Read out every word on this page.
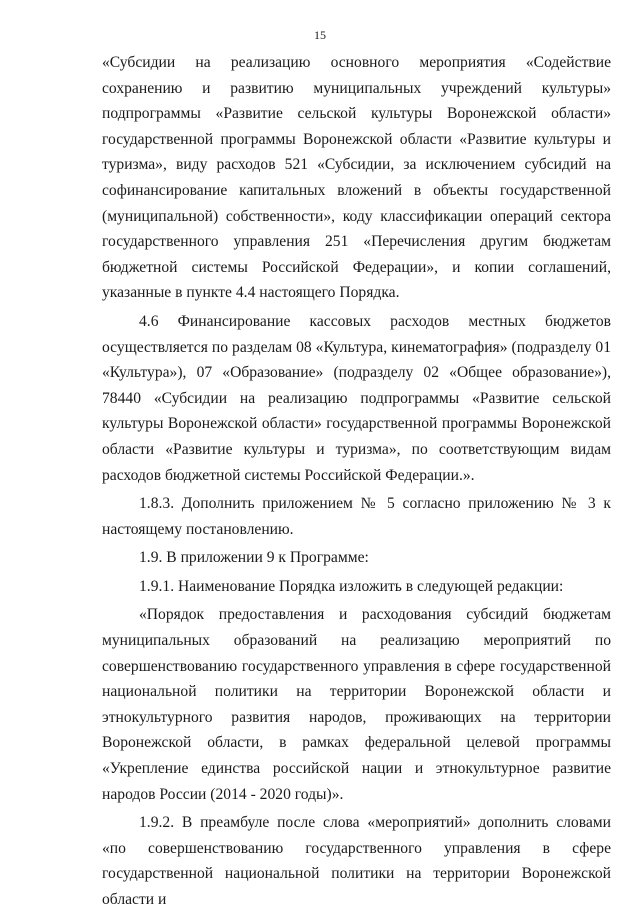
15

«Субсидии на реализацию основного мероприятия «Содействие сохранению и развитию муниципальных учреждений культуры» подпрограммы «Развитие сельской культуры Воронежской области» государственной программы Воронежской области «Развитие культуры и туризма», виду расходов 521 «Субсидии, за исключением субсидий на софинансирование капитальных вложений в объекты государственной (муниципальной) собственности», коду классификации операций сектора государственного управления 251 «Перечисления другим бюджетам бюджетной системы Российской Федерации», и копии соглашений, указанные в пункте 4.4 настоящего Порядка.

4.6 Финансирование кассовых расходов местных бюджетов осуществляется по разделам 08 «Культура, кинематография» (подразделу 01 «Культура»), 07 «Образование» (подразделу 02 «Общее образование»), 78440 «Субсидии на реализацию подпрограммы «Развитие сельской культуры Воронежской области» государственной программы Воронежской области «Развитие культуры и туризма», по соответствующим видам расходов бюджетной системы Российской Федерации.».

1.8.3. Дополнить приложением № 5 согласно приложению № 3 к настоящему постановлению.

1.9. В приложении 9 к Программе:

1.9.1. Наименование Порядка изложить в следующей редакции:

«Порядок предоставления и расходования субсидий бюджетам муниципальных образований на реализацию мероприятий по совершенствованию государственного управления в сфере государственной национальной политики на территории Воронежской области и этнокультурного развития народов, проживающих на территории Воронежской области, в рамках федеральной целевой программы «Укрепление единства российской нации и этнокультурное развитие народов России (2014 - 2020 годы)».

1.9.2. В преамбуле после слова «мероприятий» дополнить словами «по совершенствованию государственного управления в сфере государственной национальной политики на территории Воронежской области и
